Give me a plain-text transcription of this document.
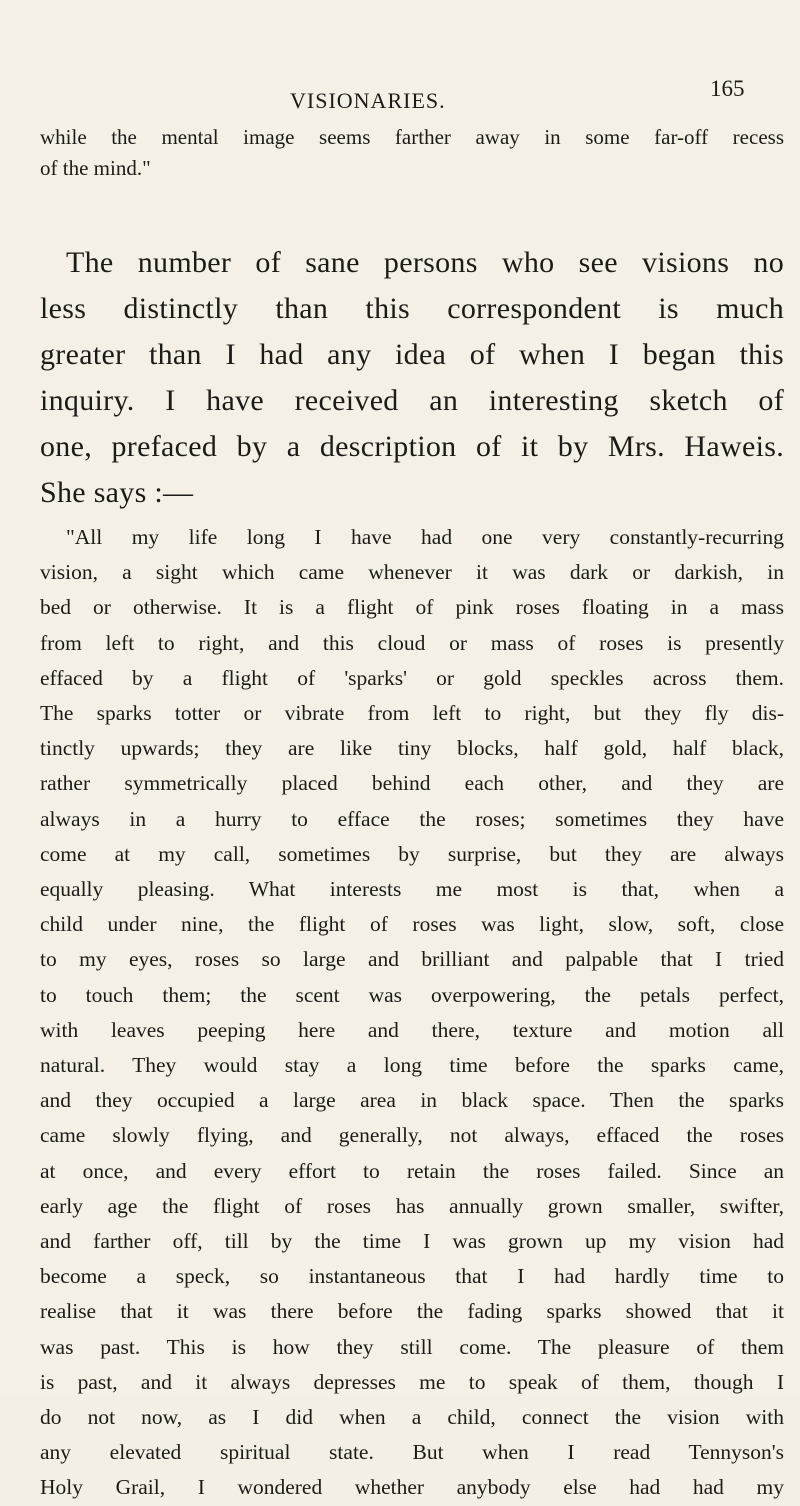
VISIONARIES.	165
while the mental image seems farther away in some far-off recess
of the mind."
The number of sane persons who see visions no
less distinctly than this correspondent is much
greater than I had any idea of when I began this
inquiry. I have received an interesting sketch of
one, prefaced by a description of it by Mrs. Haweis.
She says :—
"All my life long I have had one very constantly-recurring
vision, a sight which came whenever it was dark or darkish, in
bed or otherwise. It is a flight of pink roses floating in a mass
from left to right, and this cloud or mass of roses is presently
effaced by a flight of 'sparks' or gold speckles across them.
The sparks totter or vibrate from left to right, but they fly dis-
tinctly upwards; they are like tiny blocks, half gold, half black,
rather symmetrically placed behind each other, and they are
always in a hurry to efface the roses; sometimes they have
come at my call, sometimes by surprise, but they are always
equally pleasing. What interests me most is that, when a
child under nine, the flight of roses was light, slow, soft, close
to my eyes, roses so large and brilliant and palpable that I tried
to touch them; the scent was overpowering, the petals perfect,
with leaves peeping here and there, texture and motion all
natural. They would stay a long time before the sparks came,
and they occupied a large area in black space. Then the sparks
came slowly flying, and generally, not always, effaced the roses
at once, and every effort to retain the roses failed. Since an
early age the flight of roses has annually grown smaller, swifter,
and farther off, till by the time I was grown up my vision had
become a speck, so instantaneous that I had hardly time to
realise that it was there before the fading sparks showed that it
was past. This is how they still come. The pleasure of them
is past, and it always depresses me to speak of them, though I
do not now, as I did when a child, connect the vision with
any elevated spiritual state. But when I read Tennyson's
Holy Grail, I wondered whether anybody else had had my
